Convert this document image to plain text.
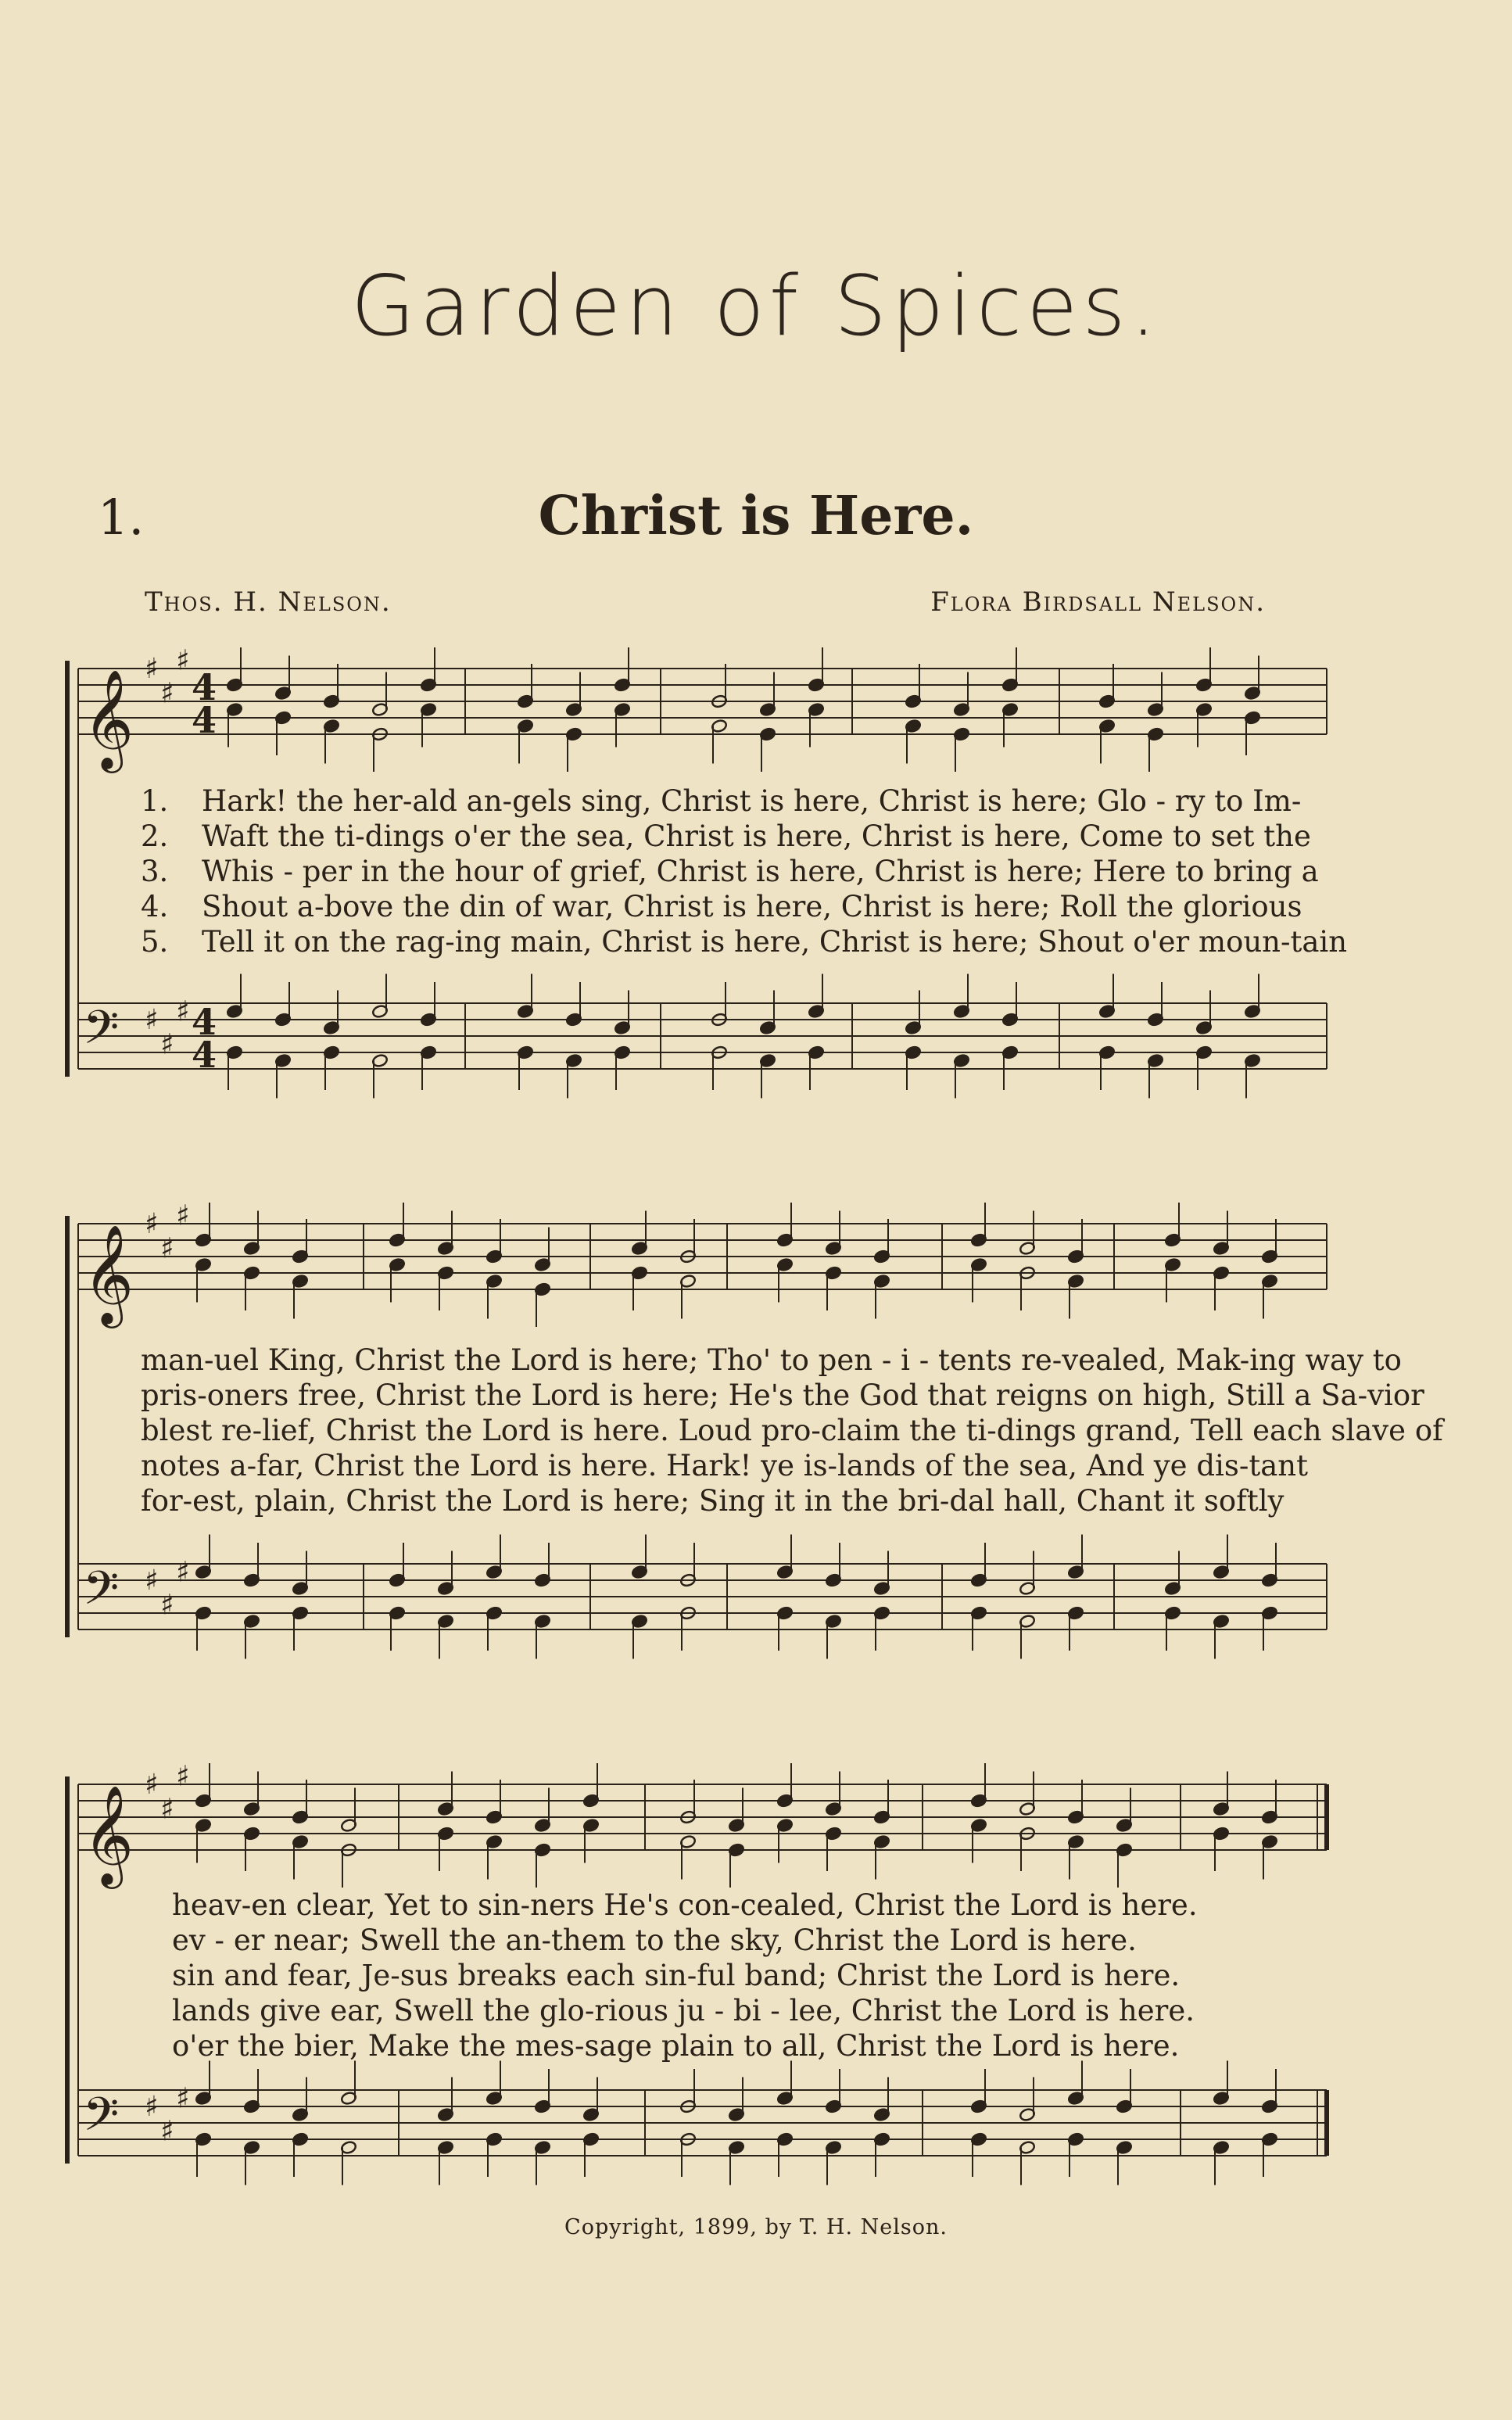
Garden of Spices.
1.	Christ is Here.
Thos. H. Nelson.	Flora Birdsall Nelson.
𝄞
𝄢
♯
♯
♯
♯
♯
♯
4
4
4
4
𝄞
𝄢
♯
♯
♯
♯
♯
♯
𝄞
𝄢
♯
♯
♯
♯
♯
♯
1. Hark! the her-ald an-gels sing, Christ is here, Christ is here; Glo - ry to Im-
2. Waft the ti-dings o'er the sea, Christ is here, Christ is here, Come to set the
3. Whis - per in the hour of grief, Christ is here, Christ is here; Here to bring a
4. Shout a-bove the din of war, Christ is here, Christ is here; Roll the glorious
5. Tell it on the rag-ing main, Christ is here, Christ is here; Shout o'er moun-tain
man-uel King, Christ the Lord is here; Tho' to pen - i - tents re-vealed, Mak-ing way to
pris-oners free, Christ the Lord is here; He's the God that reigns on high, Still a Sa-vior
blest re-lief, Christ the Lord is here. Loud pro-claim the ti-dings grand, Tell each slave of
notes a-far, Christ the Lord is here. Hark! ye is-lands of the sea, And ye dis-tant
for-est, plain, Christ the Lord is here; Sing it in the bri-dal hall, Chant it softly
heav-en clear, Yet to sin-ners He's con-cealed, Christ the Lord is here.
ev - er near; Swell the an-them to the sky, Christ the Lord is here.
sin and fear, Je-sus breaks each sin-ful band; Christ the Lord is here.
lands give ear, Swell the glo-rious ju - bi - lee, Christ the Lord is here.
o'er the bier, Make the mes-sage plain to all, Christ the Lord is here.
Copyright, 1899, by T. H. Nelson.
